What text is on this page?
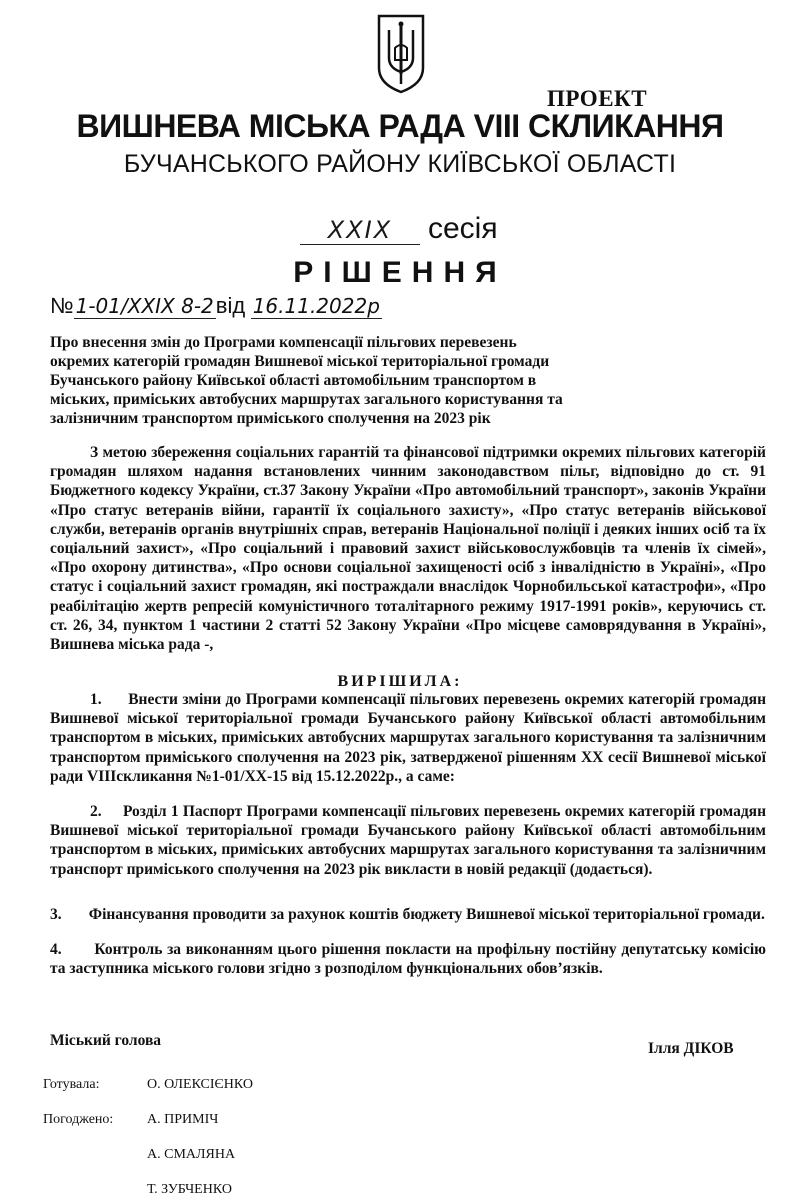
ПРОЕКТ
ВИШНЕВА МІСЬКА РАДА VIII СКЛИКАННЯ
БУЧАНСЬКОГО РАЙОНУ КИЇВСЬКОЇ ОБЛАСТІ
XXIX сесія
РІШЕННЯ
№ 1-01/XXIX 8-2від 16.11.2022р
Про внесення змін до Програми компенсації пільгових перевезень окремих категорій громадян Вишневої міської територіальної громади Бучанського району Київської області автомобільним транспортом в міських, приміських автобусних маршрутах загального користування та залізничним транспортом приміського сполучення на 2023 рік
З метою збереження соціальних гарантій та фінансової підтримки окремих пільгових категорій громадян шляхом надання встановлених чинним законодавством пільг, відповідно до ст. 91 Бюджетного кодексу України, ст.37 Закону України «Про автомобільний транспорт», законів України «Про статус ветеранів війни, гарантії їх соціального захисту», «Про статус ветеранів військової служби, ветеранів органів внутрішніх справ, ветеранів Національної поліції і деяких інших осіб та їх соціальний захист», «Про соціальний і правовий захист військовослужбовців та членів їх сімей», «Про охорону дитинства», «Про основи соціальної захищеності осіб з інвалідністю в Україні», «Про статус і соціальний захист громадян, які постраждали внаслідок Чорнобильської катастрофи», «Про реабілітацію жертв репресій комуністичного тоталітарного режиму 1917-1991 років», керуючись ст. ст. 26, 34, пунктом 1 частини 2 статті 52 Закону України «Про місцеве самоврядування в Україні», Вишнева міська рада -,
ВИРІШИЛА:
1. Внести зміни до Програми компенсації пільгових перевезень окремих категорій громадян Вишневої міської територіальної громади Бучанського району Київської області автомобільним транспортом в міських, приміських автобусних маршрутах загального користування та залізничним транспортом приміського сполучення на 2023 рік, затвердженої рішенням XX сесії Вишневої міської ради VIIIскликання №1-01/XX-15 від 15.12.2022р., а саме:
2. Розділ 1 Паспорт Програми компенсації пільгових перевезень окремих категорій громадян Вишневої міської територіальної громади Бучанського району Київської області автомобільним транспортом в міських, приміських автобусних маршрутах загального користування та залізничним транспорт приміського сполучення на 2023 рік викласти в новій редакції (додається).
3. Фінансування проводити за рахунок коштів бюджету Вишневої міської територіальної громади.
4. Контроль за виконанням цього рішення покласти на профільну постійну депутатську комісію та заступника міського голови згідно з розподілом функціональних обов’язків.
Міський голова	Ілля ДІКОВ
Готувала:	О. ОЛЕКСІЄНКО
Погоджено: А. ПРИМІЧ
А. СМАЛЯНА
Т. ЗУБЧЕНКО
